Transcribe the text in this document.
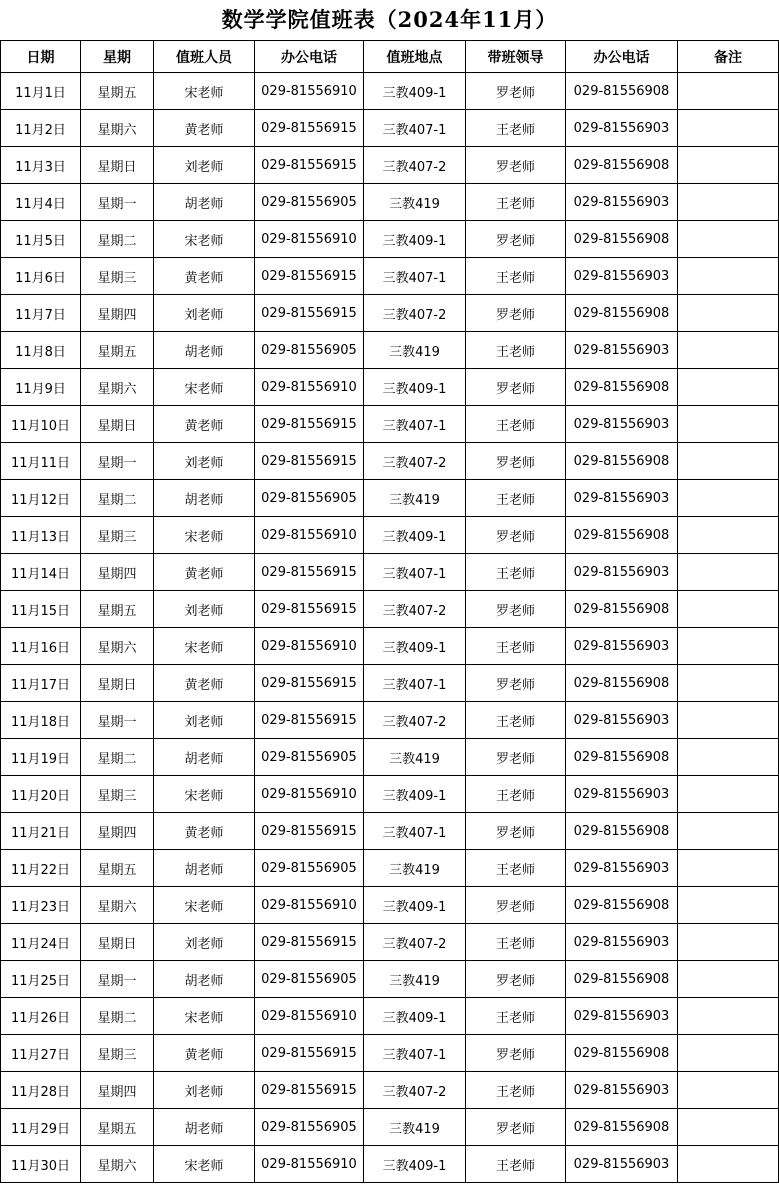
数学学院值班表（2024年11月）
日期	星期	值班人员	办公电话	值班地点	带班领导	办公电话	备注
11月1日	星期五	宋老师	029-81556910	三教409-1	罗老师	029-81556908	
11月2日	星期六	黄老师	029-81556915	三教407-1	王老师	029-81556903	
11月3日	星期日	刘老师	029-81556915	三教407-2	罗老师	029-81556908	
11月4日	星期一	胡老师	029-81556905	三教419	王老师	029-81556903	
11月5日	星期二	宋老师	029-81556910	三教409-1	罗老师	029-81556908	
11月6日	星期三	黄老师	029-81556915	三教407-1	王老师	029-81556903	
11月7日	星期四	刘老师	029-81556915	三教407-2	罗老师	029-81556908	
11月8日	星期五	胡老师	029-81556905	三教419	王老师	029-81556903	
11月9日	星期六	宋老师	029-81556910	三教409-1	罗老师	029-81556908	
11月10日	星期日	黄老师	029-81556915	三教407-1	王老师	029-81556903	
11月11日	星期一	刘老师	029-81556915	三教407-2	罗老师	029-81556908	
11月12日	星期二	胡老师	029-81556905	三教419	王老师	029-81556903	
11月13日	星期三	宋老师	029-81556910	三教409-1	罗老师	029-81556908	
11月14日	星期四	黄老师	029-81556915	三教407-1	王老师	029-81556903	
11月15日	星期五	刘老师	029-81556915	三教407-2	罗老师	029-81556908	
11月16日	星期六	宋老师	029-81556910	三教409-1	王老师	029-81556903	
11月17日	星期日	黄老师	029-81556915	三教407-1	罗老师	029-81556908	
11月18日	星期一	刘老师	029-81556915	三教407-2	王老师	029-81556903	
11月19日	星期二	胡老师	029-81556905	三教419	罗老师	029-81556908	
11月20日	星期三	宋老师	029-81556910	三教409-1	王老师	029-81556903	
11月21日	星期四	黄老师	029-81556915	三教407-1	罗老师	029-81556908	
11月22日	星期五	胡老师	029-81556905	三教419	王老师	029-81556903	
11月23日	星期六	宋老师	029-81556910	三教409-1	罗老师	029-81556908	
11月24日	星期日	刘老师	029-81556915	三教407-2	王老师	029-81556903	
11月25日	星期一	胡老师	029-81556905	三教419	罗老师	029-81556908	
11月26日	星期二	宋老师	029-81556910	三教409-1	王老师	029-81556903	
11月27日	星期三	黄老师	029-81556915	三教407-1	罗老师	029-81556908	
11月28日	星期四	刘老师	029-81556915	三教407-2	王老师	029-81556903	
11月29日	星期五	胡老师	029-81556905	三教419	罗老师	029-81556908	
11月30日	星期六	宋老师	029-81556910	三教409-1	王老师	029-81556903	
